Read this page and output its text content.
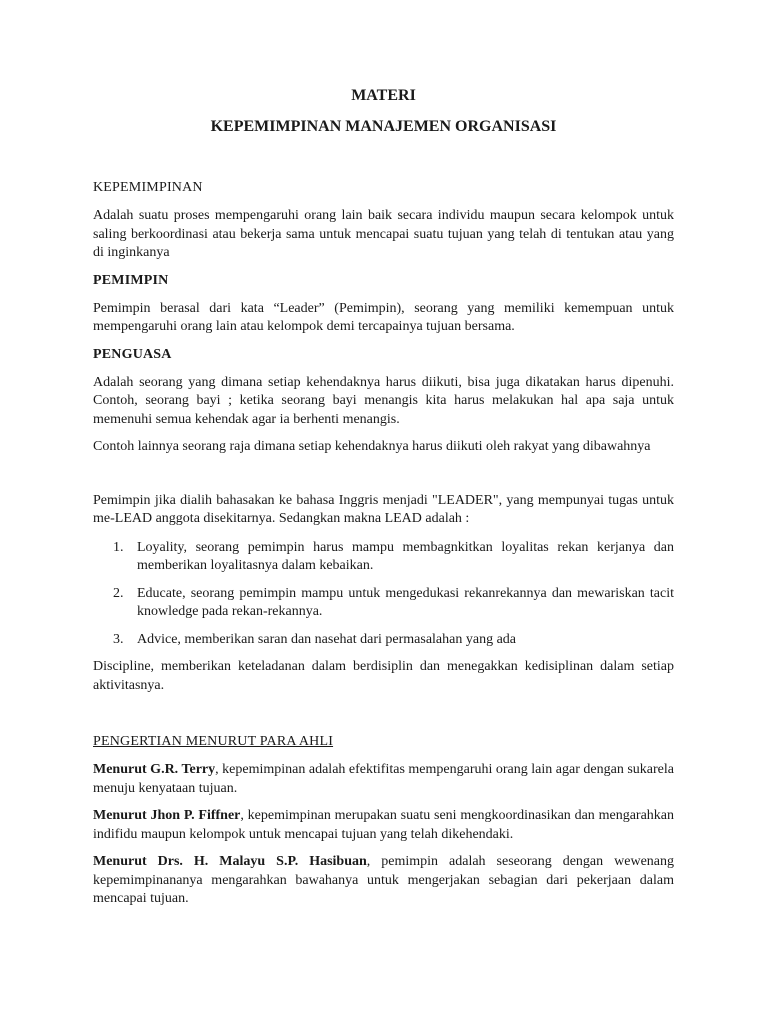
MATERI
KEPEMIMPINAN MANAJEMEN ORGANISASI
KEPEMIMPINAN

Adalah suatu proses mempengaruhi orang lain baik secara individu maupun secara kelompok untuk saling berkoordinasi atau bekerja sama untuk mencapai suatu tujuan yang telah di tentukan atau yang di inginkanya

PEMIMPIN

Pemimpin berasal dari kata “Leader” (Pemimpin), seorang yang memiliki kemempuan untuk mempengaruhi orang lain atau kelompok demi tercapainya tujuan bersama.

PENGUASA

Adalah seorang yang dimana setiap kehendaknya harus diikuti, bisa juga dikatakan harus dipenuhi. Contoh, seorang bayi ; ketika seorang bayi menangis kita harus melakukan hal apa saja untuk memenuhi semua kehendak agar ia berhenti menangis.

Contoh lainnya seorang raja dimana setiap kehendaknya harus diikuti oleh rakyat yang dibawahnya

Pemimpin jika dialih bahasakan ke bahasa Inggris menjadi "LEADER", yang mempunyai tugas untuk me-LEAD anggota disekitarnya. Sedangkan makna LEAD adalah :

1. Loyality, seorang pemimpin harus mampu membagnkitkan loyalitas rekan kerjanya dan memberikan loyalitasnya dalam kebaikan.
2. Educate, seorang pemimpin mampu untuk mengedukasi rekanrekannya dan mewariskan tacit knowledge pada rekan-rekannya.
3. Advice, memberikan saran dan nasehat dari permasalahan yang ada

Discipline, memberikan keteladanan dalam berdisiplin dan menegakkan kedisiplinan dalam setiap aktivitasnya.

PENGERTIAN MENURUT PARA AHLI

Menurut G.R. Terry, kepemimpinan adalah efektifitas mempengaruhi orang lain agar dengan sukarela menuju kenyataan tujuan.

Menurut Jhon P. Fiffner, kepemimpinan merupakan suatu seni mengkoordinasikan dan mengarahkan indifidu maupun kelompok untuk mencapai tujuan yang telah dikehendaki.

Menurut Drs. H. Malayu S.P. Hasibuan, pemimpin adalah seseorang dengan wewenang kepemimpinananya mengarahkan bawahanya untuk mengerjakan sebagian dari pekerjaan dalam mencapai tujuan.
